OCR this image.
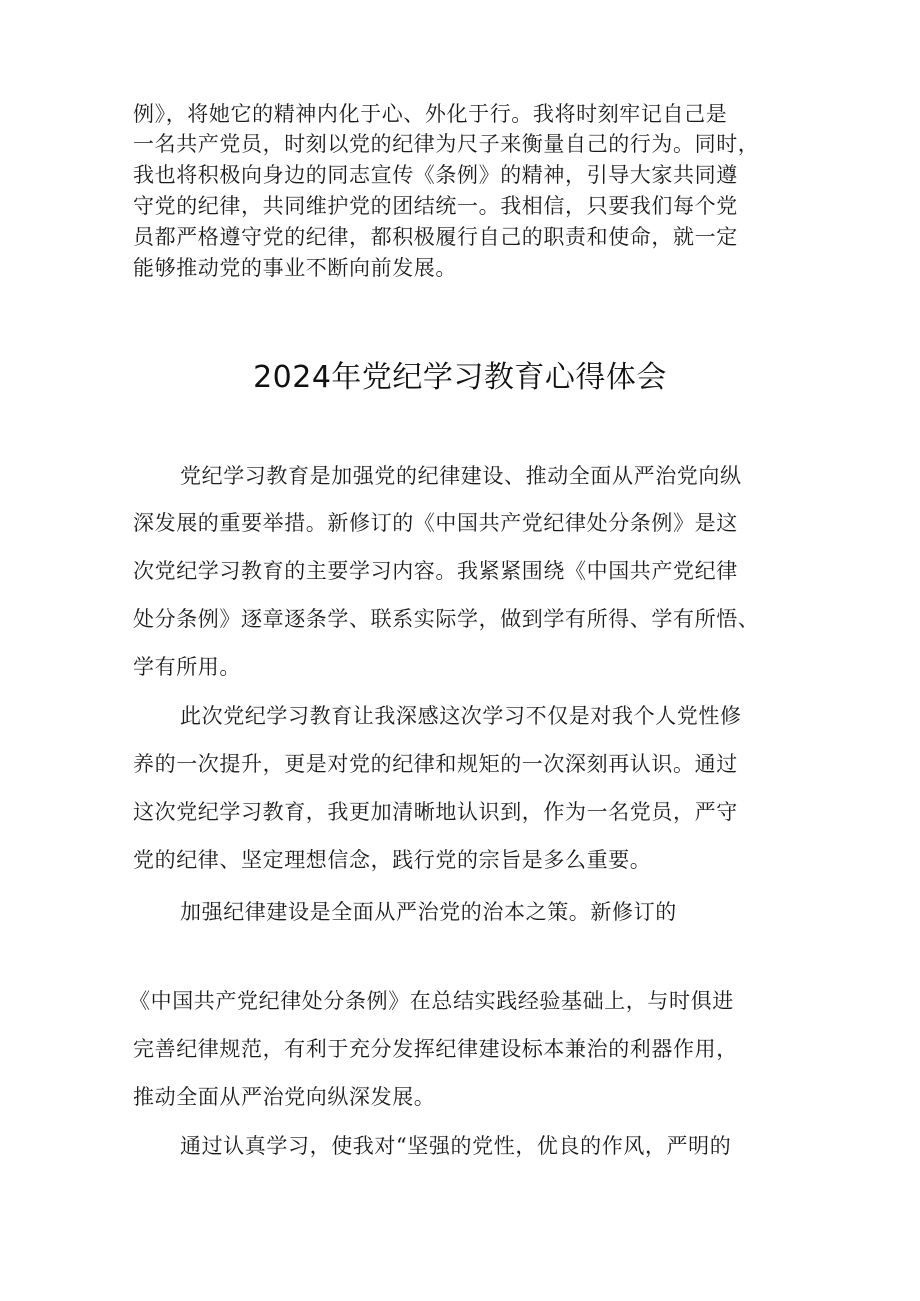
例》，将她它的精神内化于心、外化于行。我将时刻牢记自己是
一名共产党员，时刻以党的纪律为尺子来衡量自己的行为。同时，
我也将积极向身边的同志宣传《条例》的精神，引导大家共同遵
守党的纪律，共同维护党的团结统一。我相信，只要我们每个党
员都严格遵守党的纪律，都积极履行自己的职责和使命，就一定
能够推动党的事业不断向前发展。
2024年党纪学习教育心得体会
党纪学习教育是加强党的纪律建设、推动全面从严治党向纵
深发展的重要举措。新修订的《中国共产党纪律处分条例》是这
次党纪学习教育的主要学习内容。我紧紧围绕《中国共产党纪律
处分条例》逐章逐条学、联系实际学，做到学有所得、学有所悟、
学有所用。
此次党纪学习教育让我深感这次学习不仅是对我个人党性修
养的一次提升，更是对党的纪律和规矩的一次深刻再认识。通过
这次党纪学习教育，我更加清晰地认识到，作为一名党员，严守
党的纪律、坚定理想信念，践行党的宗旨是多么重要。
加强纪律建设是全面从严治党的治本之策。新修订的
《中国共产党纪律处分条例》在总结实践经验基础上，与时俱进
完善纪律规范，有利于充分发挥纪律建设标本兼治的利器作用，
推动全面从严治党向纵深发展。
通过认真学习，使我对“坚强的党性，优良的作风，严明的
